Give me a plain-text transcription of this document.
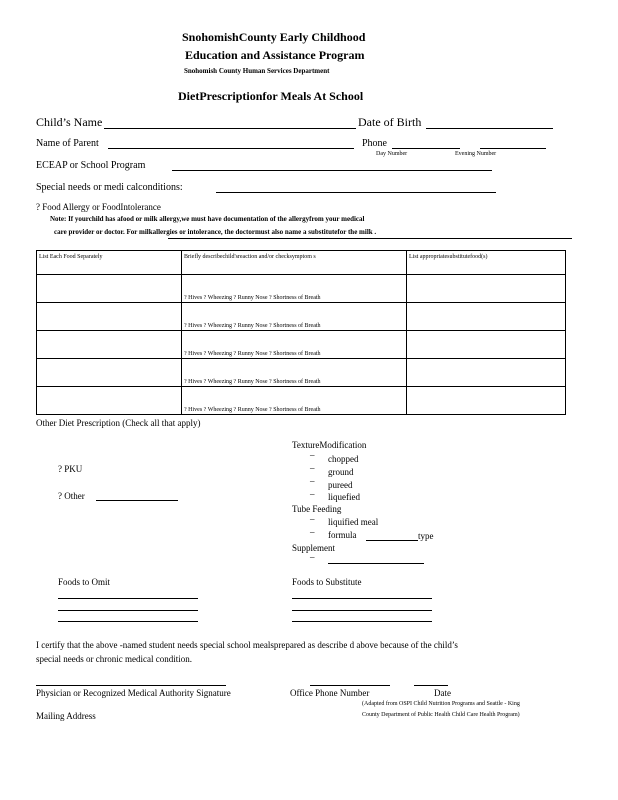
SnohomishCounty Early Childhood
Education and Assistance Program
Snohomish County Human Services Department
DietPrescriptionfor Meals At School
Child’s Name	Date of Birth
Name of Parent	Phone
Day Number	Evening Number
ECEAP or School Program
Special needs or medi calconditions:
? Food Allergy or FoodIntolerance
Note: If yourchild has afood or milk allergy,we must have documentation of the allergyfrom your medical
care provider or doctor. For milkallergies or intolerance, the doctormust also name a substitutefor the milk .
List Each Food Separately	Briefly describechild'sreaction and/or checksymptom s	List appropriatesubstitutefood(s)
	? Hives ? Wheezing ? Runny Nose ? Shortness of Breath	
	? Hives ? Wheezing ? Runny Nose ? Shortness of Breath	
	? Hives ? Wheezing ? Runny Nose ? Shortness of Breath	
	? Hives ? Wheezing ? Runny Nose ? Shortness of Breath	
	? Hives ? Wheezing ? Runny Nose ? Shortness of Breath	
Other Diet Prescription (Check all that apply)
TextureModification
– chopped
– ground
– pureed
– liquefied
Tube Feeding
– liquified meal
– formula	type
Supplement
–
? PKU
? Other
Foods to Omit	Foods to Substitute
I certify that the above -named student needs special school mealsprepared as describe d above because of the child’s
special needs or chronic medical condition.
Physician or Recognized Medical Authority Signature	Office Phone Number	Date
(Adapted from OSPI Child Nutrition Programs and Seattle - King
County Department of Public Health Child Care Health Program)
Mailing Address
